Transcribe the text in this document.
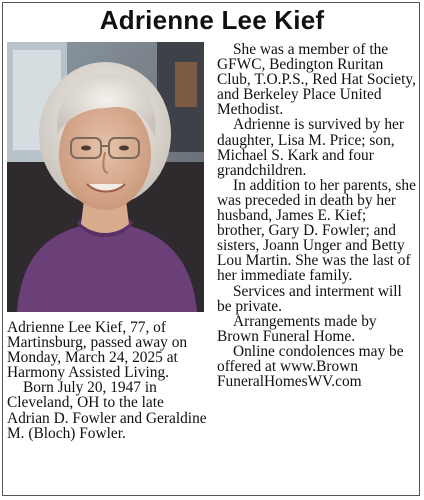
Adrienne Lee Kief

Adrienne Lee Kief, 77, of Martinsburg, passed away on Monday, March 24, 2025 at Harmony Assisted Living.

Born July 20, 1947 in Cleveland, OH to the late Adrian D. Fowler and Geraldine M. (Bloch) Fowler.

She was a member of the GFWC, Bedington Ruritan Club, T.O.P.S., Red Hat Society, and Berkeley Place United Methodist.

Adrienne is survived by her daughter, Lisa M. Price; son, Michael S. Kark and four grandchildren.

In addition to her parents, she was preceded in death by her husband, James E. Kief; brother, Gary D. Fowler; and sisters, Joann Unger and Betty Lou Martin. She was the last of her immediate family.

Services and interment will be private.

Arrangements made by Brown Funeral Home.

Online condolences may be offered at www.Brown FuneralHomesWV.com
